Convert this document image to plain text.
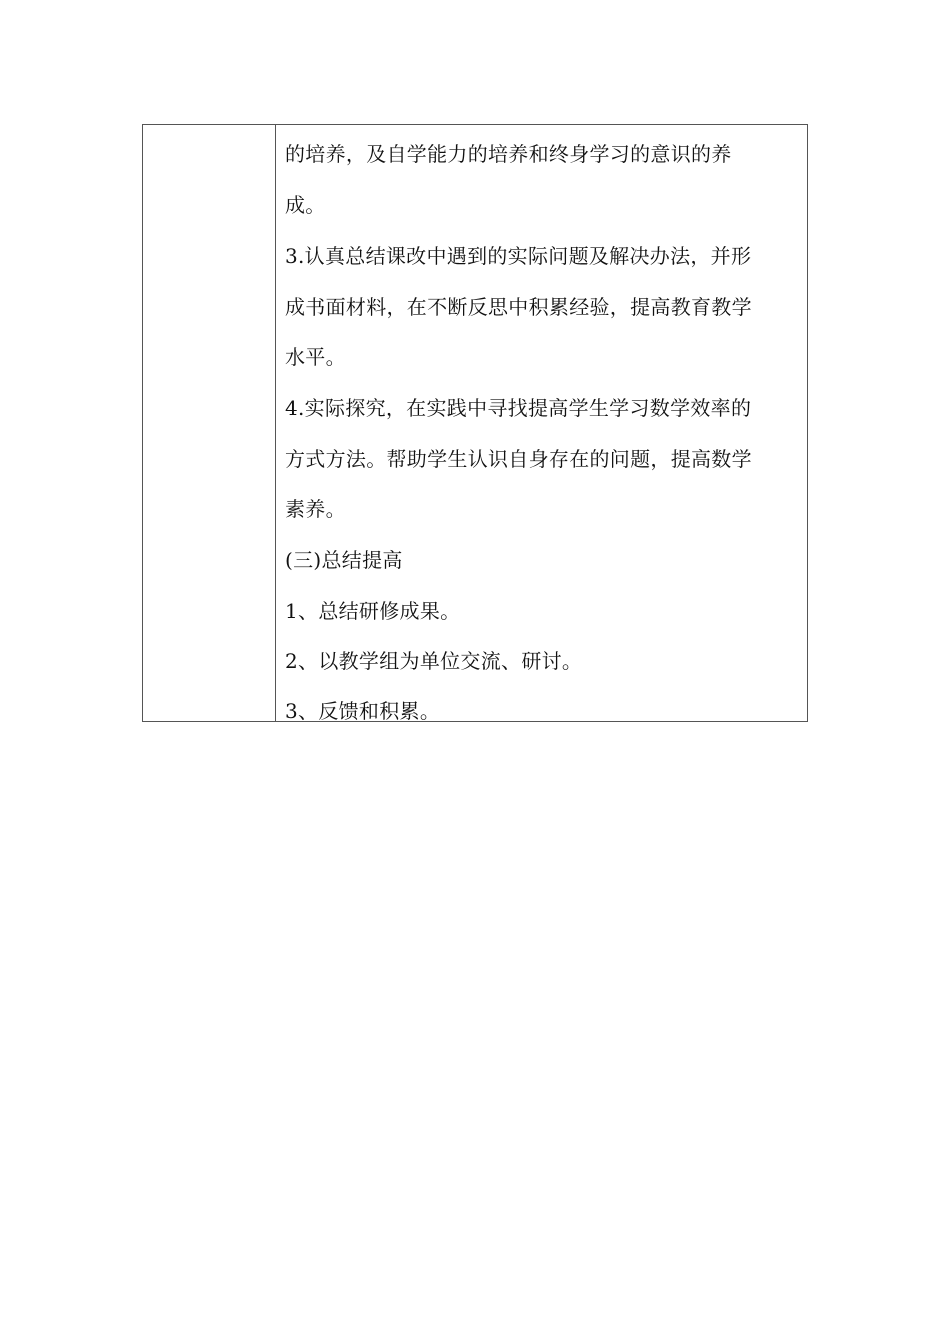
的培养，及自学能力的培养和终身学习的意识的养
成。
3.认真总结课改中遇到的实际问题及解决办法，并形
成书面材料，在不断反思中积累经验，提高教育教学
水平。
4.实际探究，在实践中寻找提高学生学习数学效率的
方式方法。帮助学生认识自身存在的问题，提高数学
素养。
(三)总结提高
1、总结研修成果。
2、以教学组为单位交流、研讨。
3、反馈和积累。
